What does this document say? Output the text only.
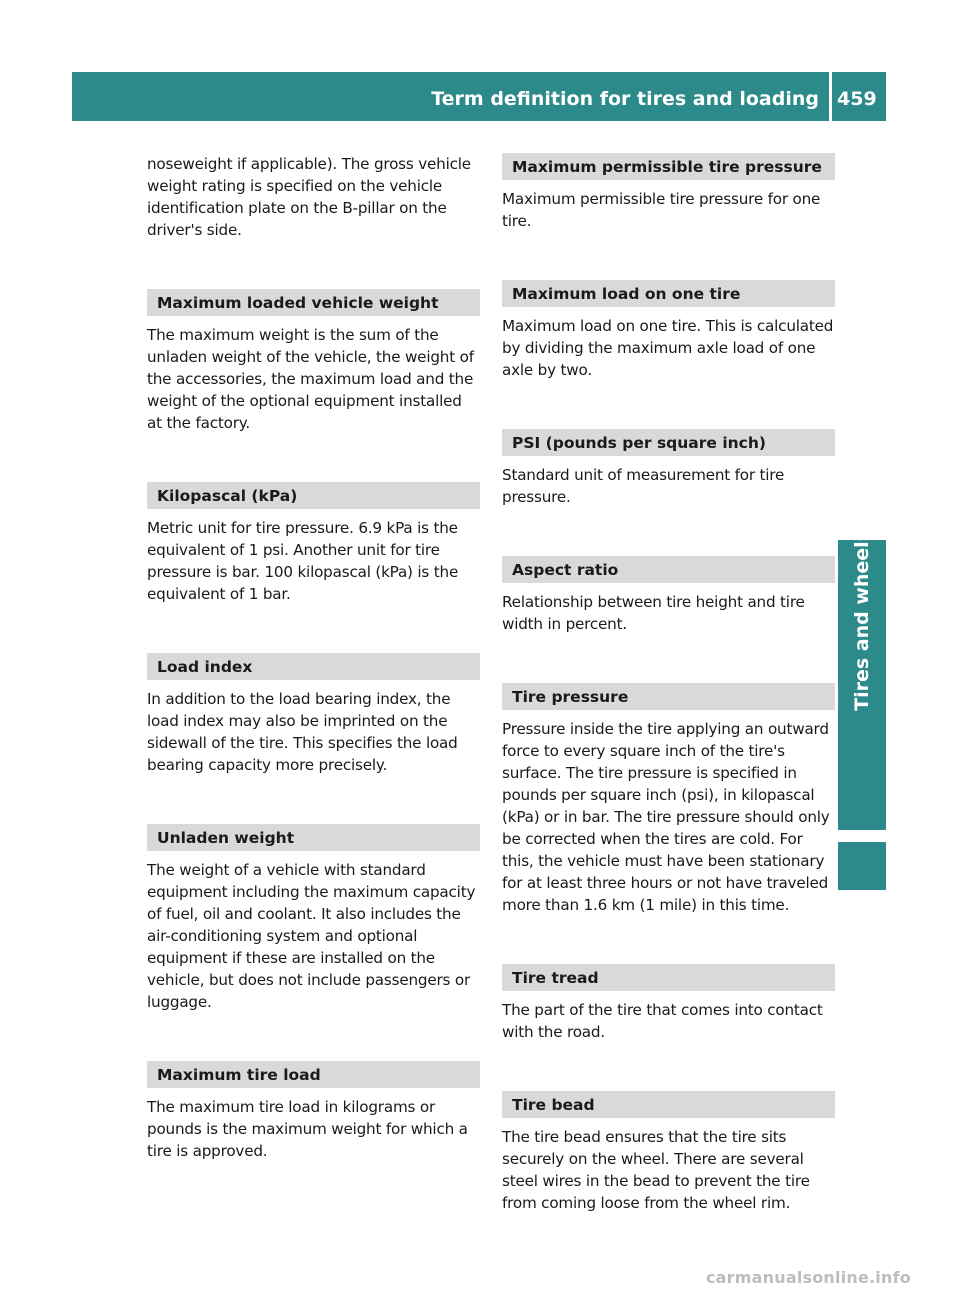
Term definition for tires and loading 459
Tires and wheels

noseweight if applicable). The gross vehicle weight rating is specified on the vehicle identification plate on the B-pillar on the driver's side.

Maximum loaded vehicle weight

The maximum weight is the sum of the unladen weight of the vehicle, the weight of the accessories, the maximum load and the weight of the optional equipment installed at the factory.

Kilopascal (kPa)

Metric unit for tire pressure. 6.9 kPa is the equivalent of 1 psi. Another unit for tire pressure is bar. 100 kilopascal (kPa) is the equivalent of 1 bar.

Load index

In addition to the load bearing index, the load index may also be imprinted on the sidewall of the tire. This specifies the load bearing capacity more precisely.

Unladen weight

The weight of a vehicle with standard equipment including the maximum capacity of fuel, oil and coolant. It also includes the air-conditioning system and optional equipment if these are installed on the vehicle, but does not include passengers or luggage.

Maximum tire load

The maximum tire load in kilograms or pounds is the maximum weight for which a tire is approved.

Maximum permissible tire pressure

Maximum permissible tire pressure for one tire.

Maximum load on one tire

Maximum load on one tire. This is calculated by dividing the maximum axle load of one axle by two.

PSI (pounds per square inch)

Standard unit of measurement for tire pressure.

Aspect ratio

Relationship between tire height and tire width in percent.

Tire pressure

Pressure inside the tire applying an outward force to every square inch of the tire's surface. The tire pressure is specified in pounds per square inch (psi), in kilopascal (kPa) or in bar. The tire pressure should only be corrected when the tires are cold. For this, the vehicle must have been stationary for at least three hours or not have traveled more than 1.6 km (1 mile) in this time.

Tire tread

The part of the tire that comes into contact with the road.

Tire bead

The tire bead ensures that the tire sits securely on the wheel. There are several steel wires in the bead to prevent the tire from coming loose from the wheel rim.

carmanualsonline.info
